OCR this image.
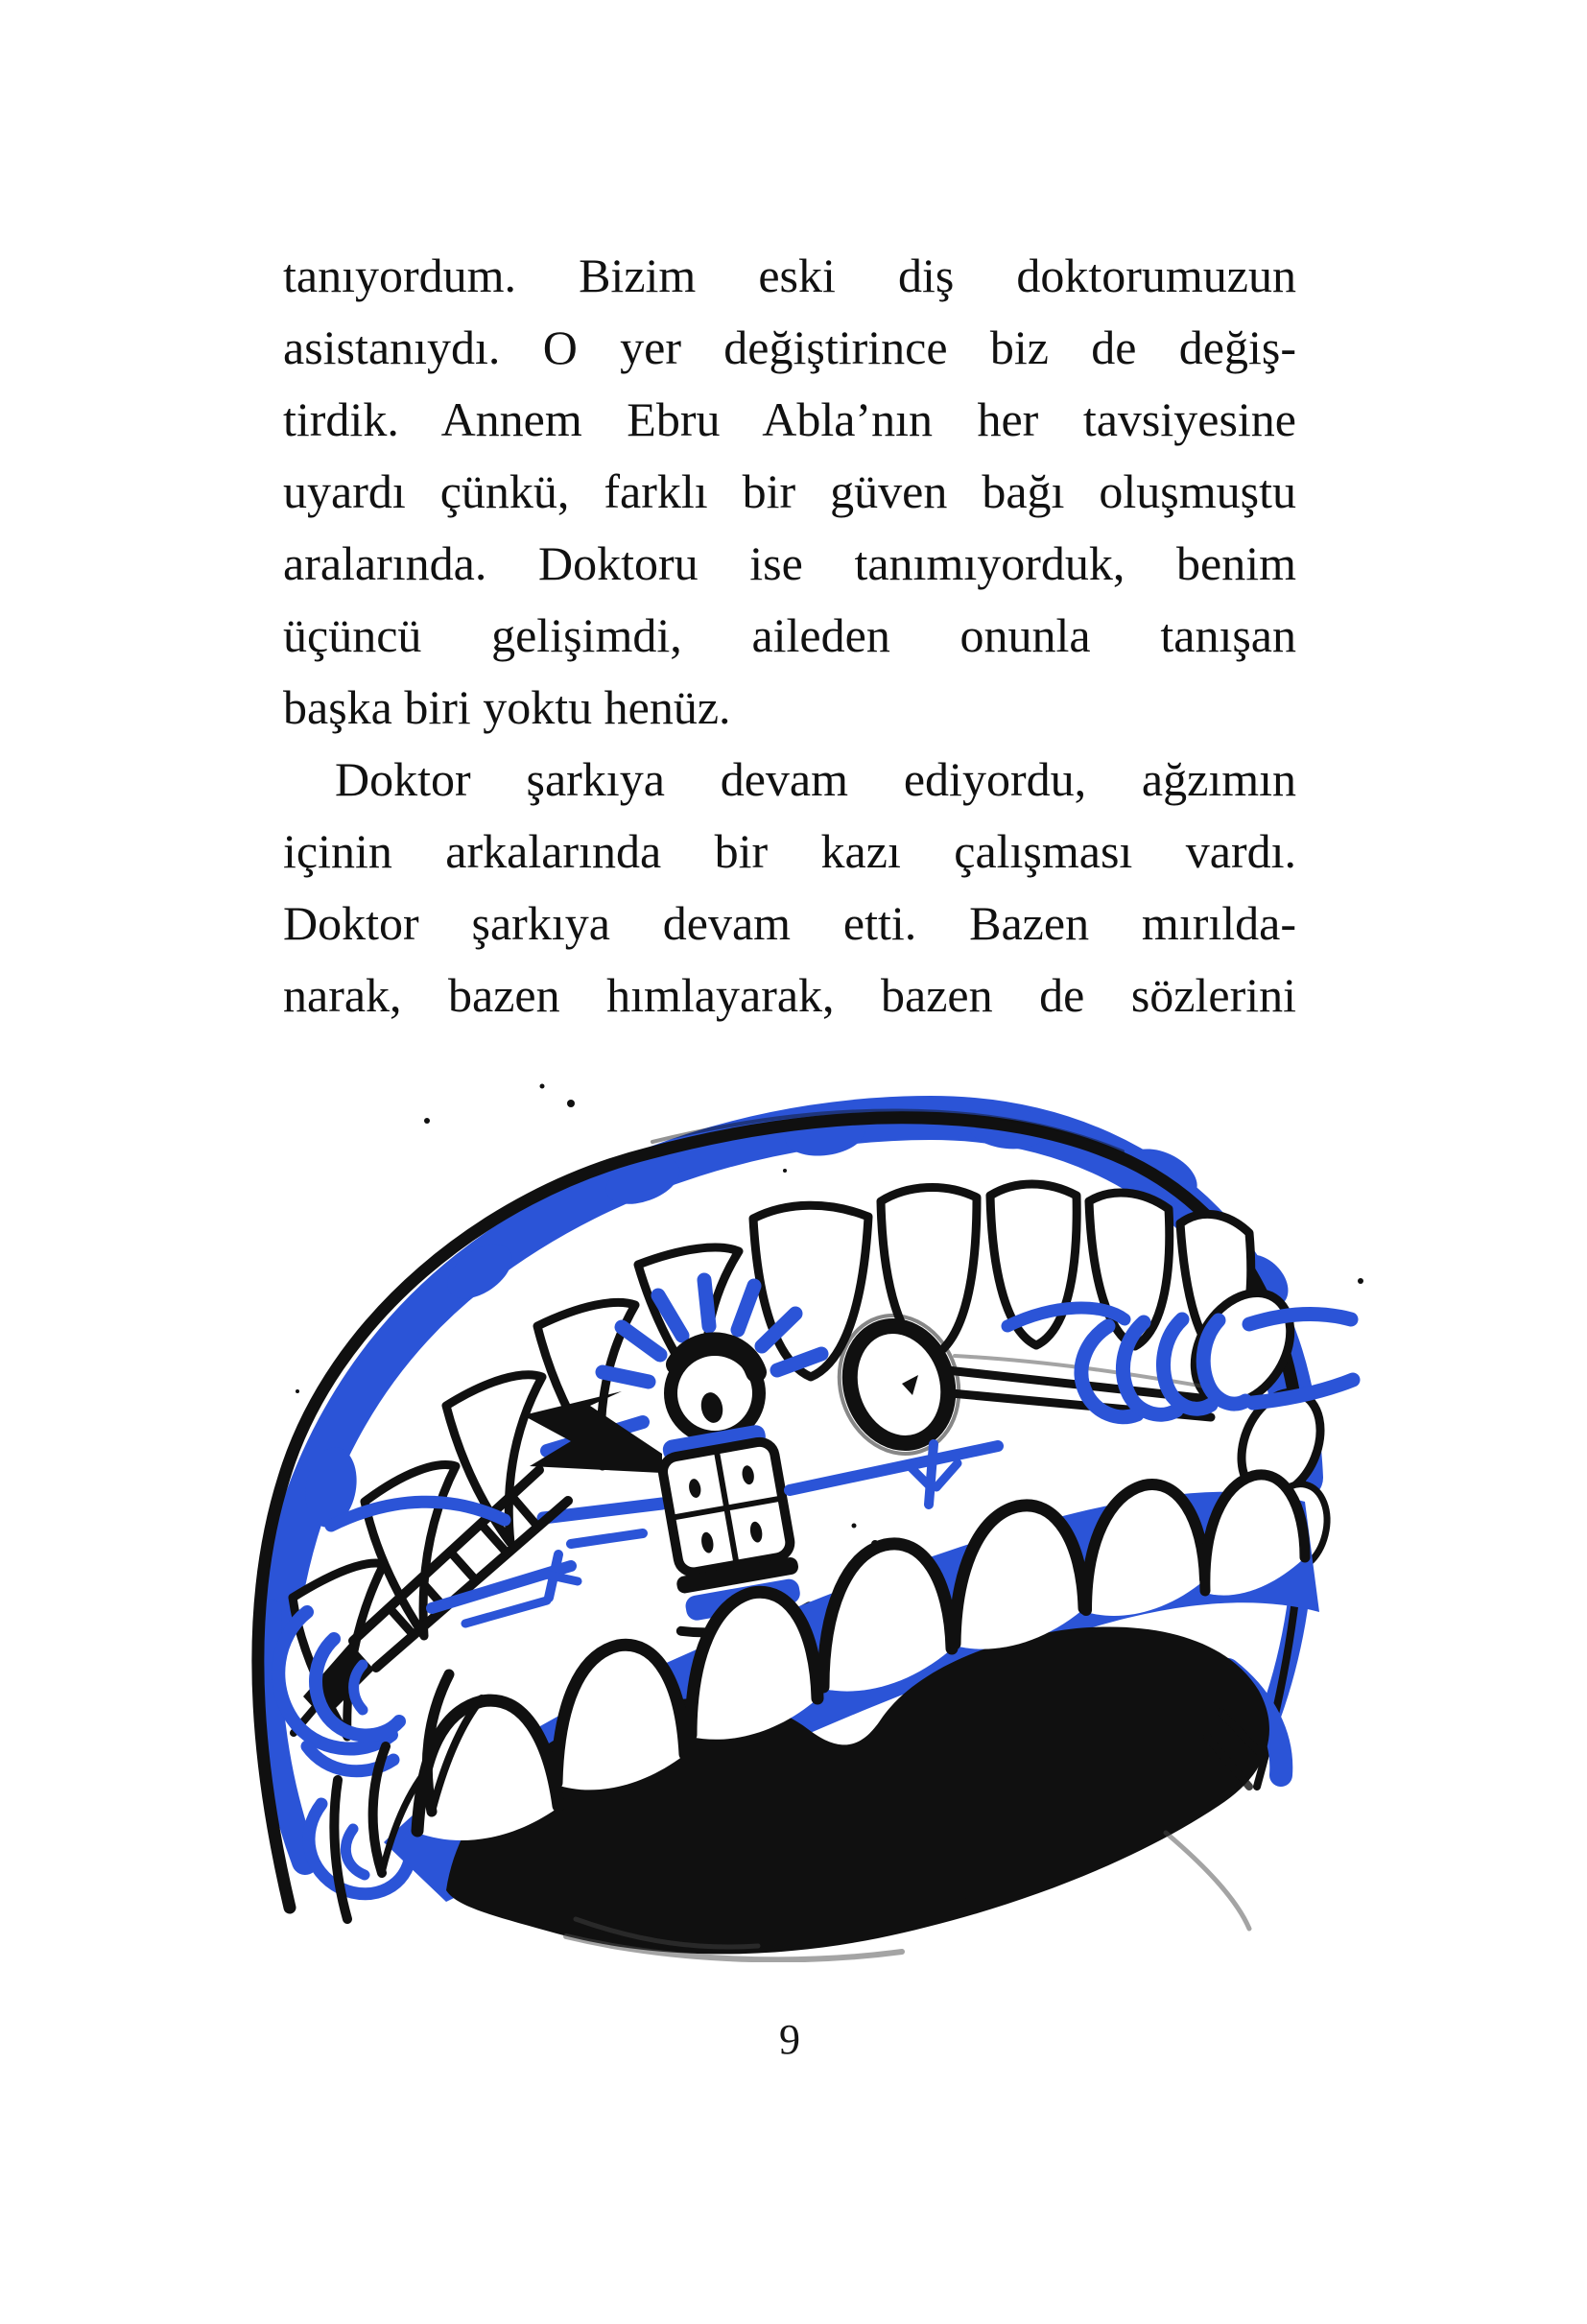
tanıyordum. Bizim eski diş doktorumuzun
asistanıydı. O yer değiştirince biz de değiş-
tirdik. Annem Ebru Abla’nın her tavsiyesine
uyardı çünkü, farklı bir güven bağı oluşmuştu
aralarında. Doktoru ise tanımıyorduk, benim
üçüncü gelişimdi, aileden onunla tanışan
başka biri yoktu henüz.
Doktor şarkıya devam ediyordu, ağzımın
içinin arkalarında bir kazı çalışması vardı.
Doktor şarkıya devam etti. Bazen mırılda-
narak, bazen hımlayarak, bazen de sözlerini
9
